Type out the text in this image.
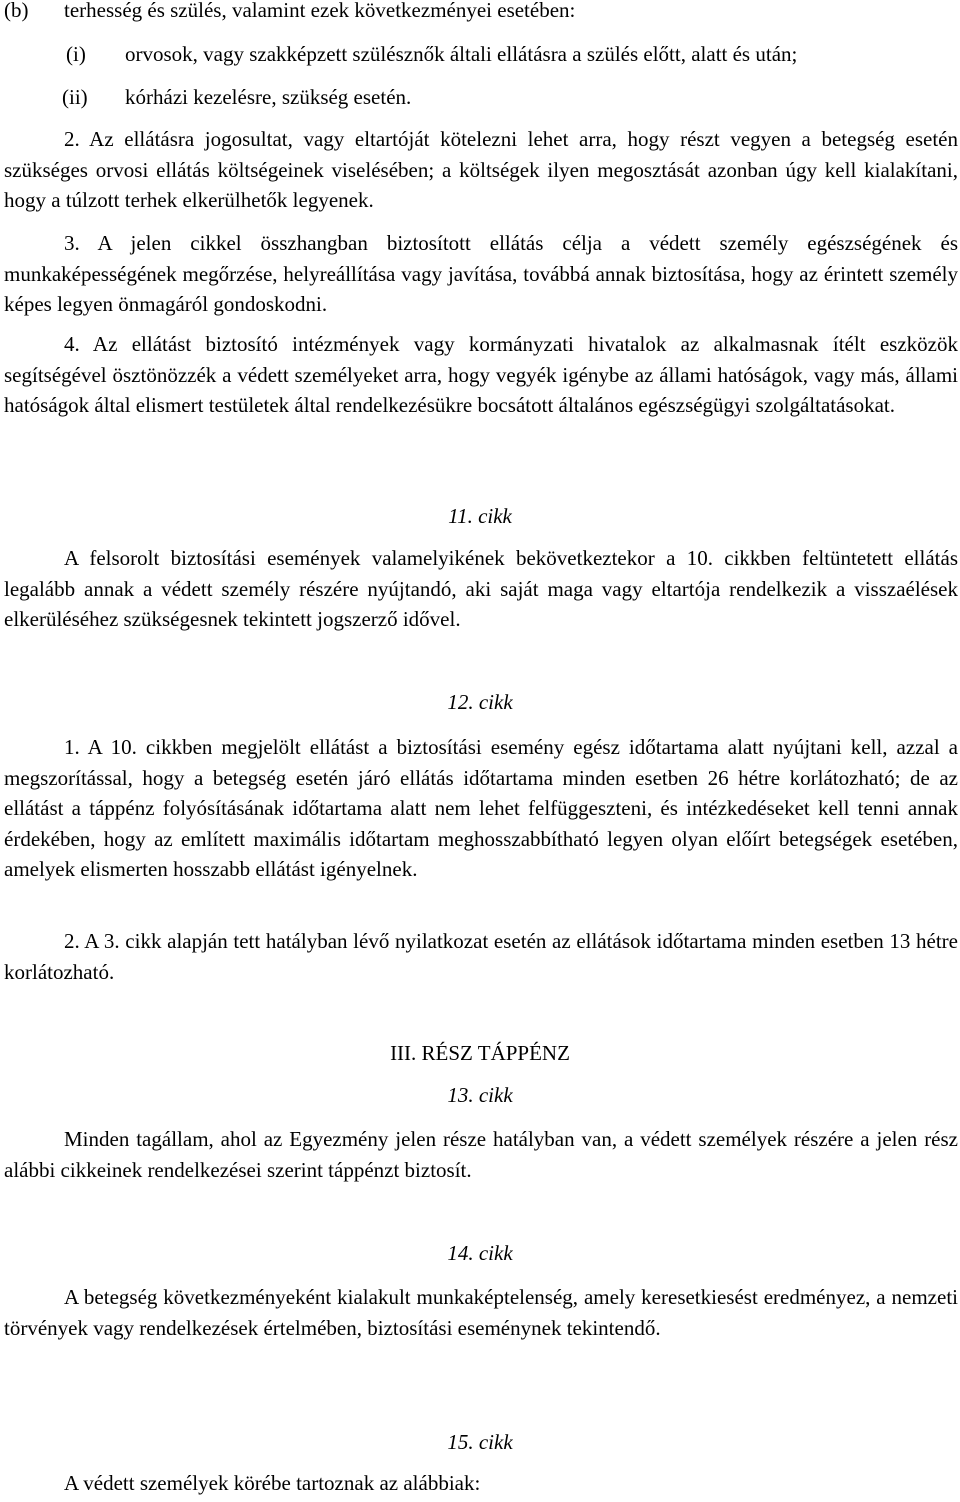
(b) terhesség és szülés, valamint ezek következményei esetében:
(i) orvosok, vagy szakképzett szülésznők általi ellátásra a szülés előtt, alatt és után;
(ii) kórházi kezelésre, szükség esetén.

2. Az ellátásra jogosultat, vagy eltartóját kötelezni lehet arra, hogy részt vegyen a betegség esetén szükséges orvosi ellátás költségeinek viselésében; a költségek ilyen megosztását azonban úgy kell kialakítani, hogy a túlzott terhek elkerülhetők legyenek.

3. A jelen cikkel összhangban biztosított ellátás célja a védett személy egészségének és munkaképességének megőrzése, helyreállítása vagy javítása, továbbá annak biztosítása, hogy az érintett személy képes legyen önmagáról gondoskodni.

4. Az ellátást biztosító intézmények vagy kormányzati hivatalok az alkalmasnak ítélt eszközök segítségével ösztönözzék a védett személyeket arra, hogy vegyék igénybe az állami hatóságok, vagy más, állami hatóságok által elismert testületek által rendelkezésükre bocsátott általános egészségügyi szolgáltatásokat.

11. cikk

A felsorolt biztosítási események valamelyikének bekövetkeztekor a 10. cikkben feltüntetett ellátás legalább annak a védett személy részére nyújtandó, aki saját maga vagy eltartója rendelkezik a visszaélések elkerüléséhez szükségesnek tekintett jogszerző idővel.

12. cikk

1. A 10. cikkben megjelölt ellátást a biztosítási esemény egész időtartama alatt nyújtani kell, azzal a megszorítással, hogy a betegség esetén járó ellátás időtartama minden esetben 26 hétre korlátozható; de az ellátást a táppénz folyósításának időtartama alatt nem lehet felfüggeszteni, és intézkedéseket kell tenni annak érdekében, hogy az említett maximális időtartam meghosszabbítható legyen olyan előírt betegségek esetében, amelyek elismerten hosszabb ellátást igényelnek.

2. A 3. cikk alapján tett hatályban lévő nyilatkozat esetén az ellátások időtartama minden esetben 13 hétre korlátozható.

III. RÉSZ TÁPPÉNZ
13. cikk

Minden tagállam, ahol az Egyezmény jelen része hatályban van, a védett személyek részére a jelen rész alábbi cikkeinek rendelkezései szerint táppénzt biztosít.

14. cikk

A betegség következményeként kialakult munkaképtelenség, amely keresetkiesést eredményez, a nemzeti törvények vagy rendelkezések értelmében, biztosítási eseménynek tekintendő.

15. cikk

A védett személyek körébe tartoznak az alábbiak:
